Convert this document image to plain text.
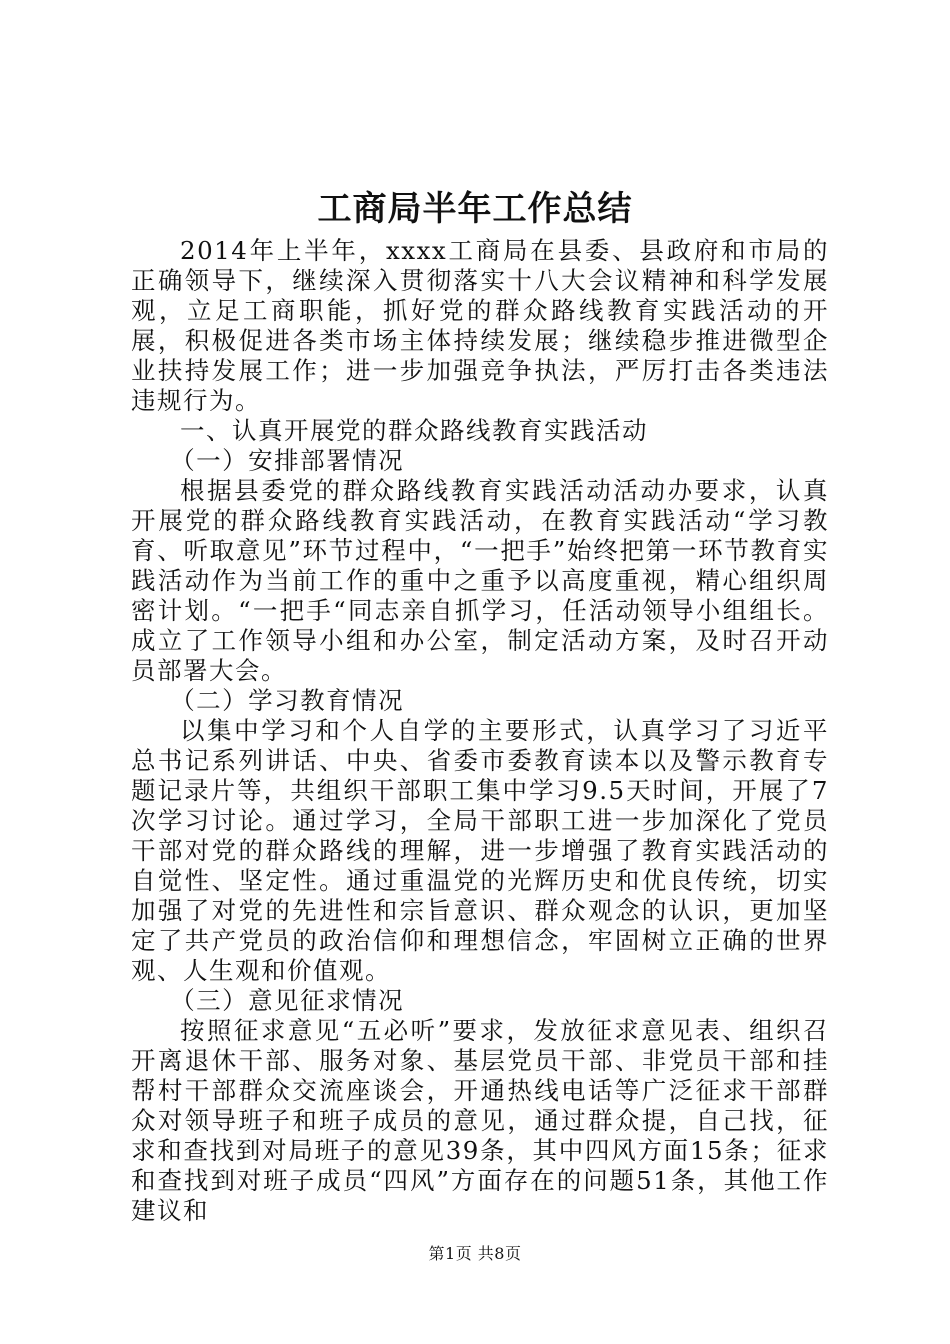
工商局半年工作总结

2014年上半年，xxxx工商局在县委、县政府和市局的正确领导下，继续深入贯彻落实十八大会议精神和科学发展观，立足工商职能，抓好党的群众路线教育实践活动的开展，积极促进各类市场主体持续发展；继续稳步推进微型企业扶持发展工作；进一步加强竞争执法，严厉打击各类违法违规行为。

一、认真开展党的群众路线教育实践活动

（一）安排部署情况

根据县委党的群众路线教育实践活动活动办要求，认真开展党的群众路线教育实践活动，在教育实践活动“学习教育、听取意见”环节过程中，“一把手”始终把第一环节教育实践活动作为当前工作的重中之重予以高度重视，精心组织周密计划。“一把手“同志亲自抓学习，任活动领导小组组长。成立了工作领导小组和办公室，制定活动方案，及时召开动员部署大会。

（二）学习教育情况

以集中学习和个人自学的主要形式，认真学习了习近平总书记系列讲话、中央、省委市委教育读本以及警示教育专题记录片等，共组织干部职工集中学习9.5天时间，开展了7次学习讨论。通过学习，全局干部职工进一步加深化了党员干部对党的群众路线的理解，进一步增强了教育实践活动的自觉性、坚定性。通过重温党的光辉历史和优良传统，切实加强了对党的先进性和宗旨意识、群众观念的认识，更加坚定了共产党员的政治信仰和理想信念，牢固树立正确的世界观、人生观和价值观。

（三）意见征求情况

按照征求意见“五必听”要求，发放征求意见表、组织召开离退休干部、服务对象、基层党员干部、非党员干部和挂帮村干部群众交流座谈会，开通热线电话等广泛征求干部群众对领导班子和班子成员的意见，通过群众提，自己找，征求和查找到对局班子的意见39条，其中四风方面15条；征求和查找到对班子成员“四风”方面存在的问题51条，其他工作建议和

第1页 共8页
